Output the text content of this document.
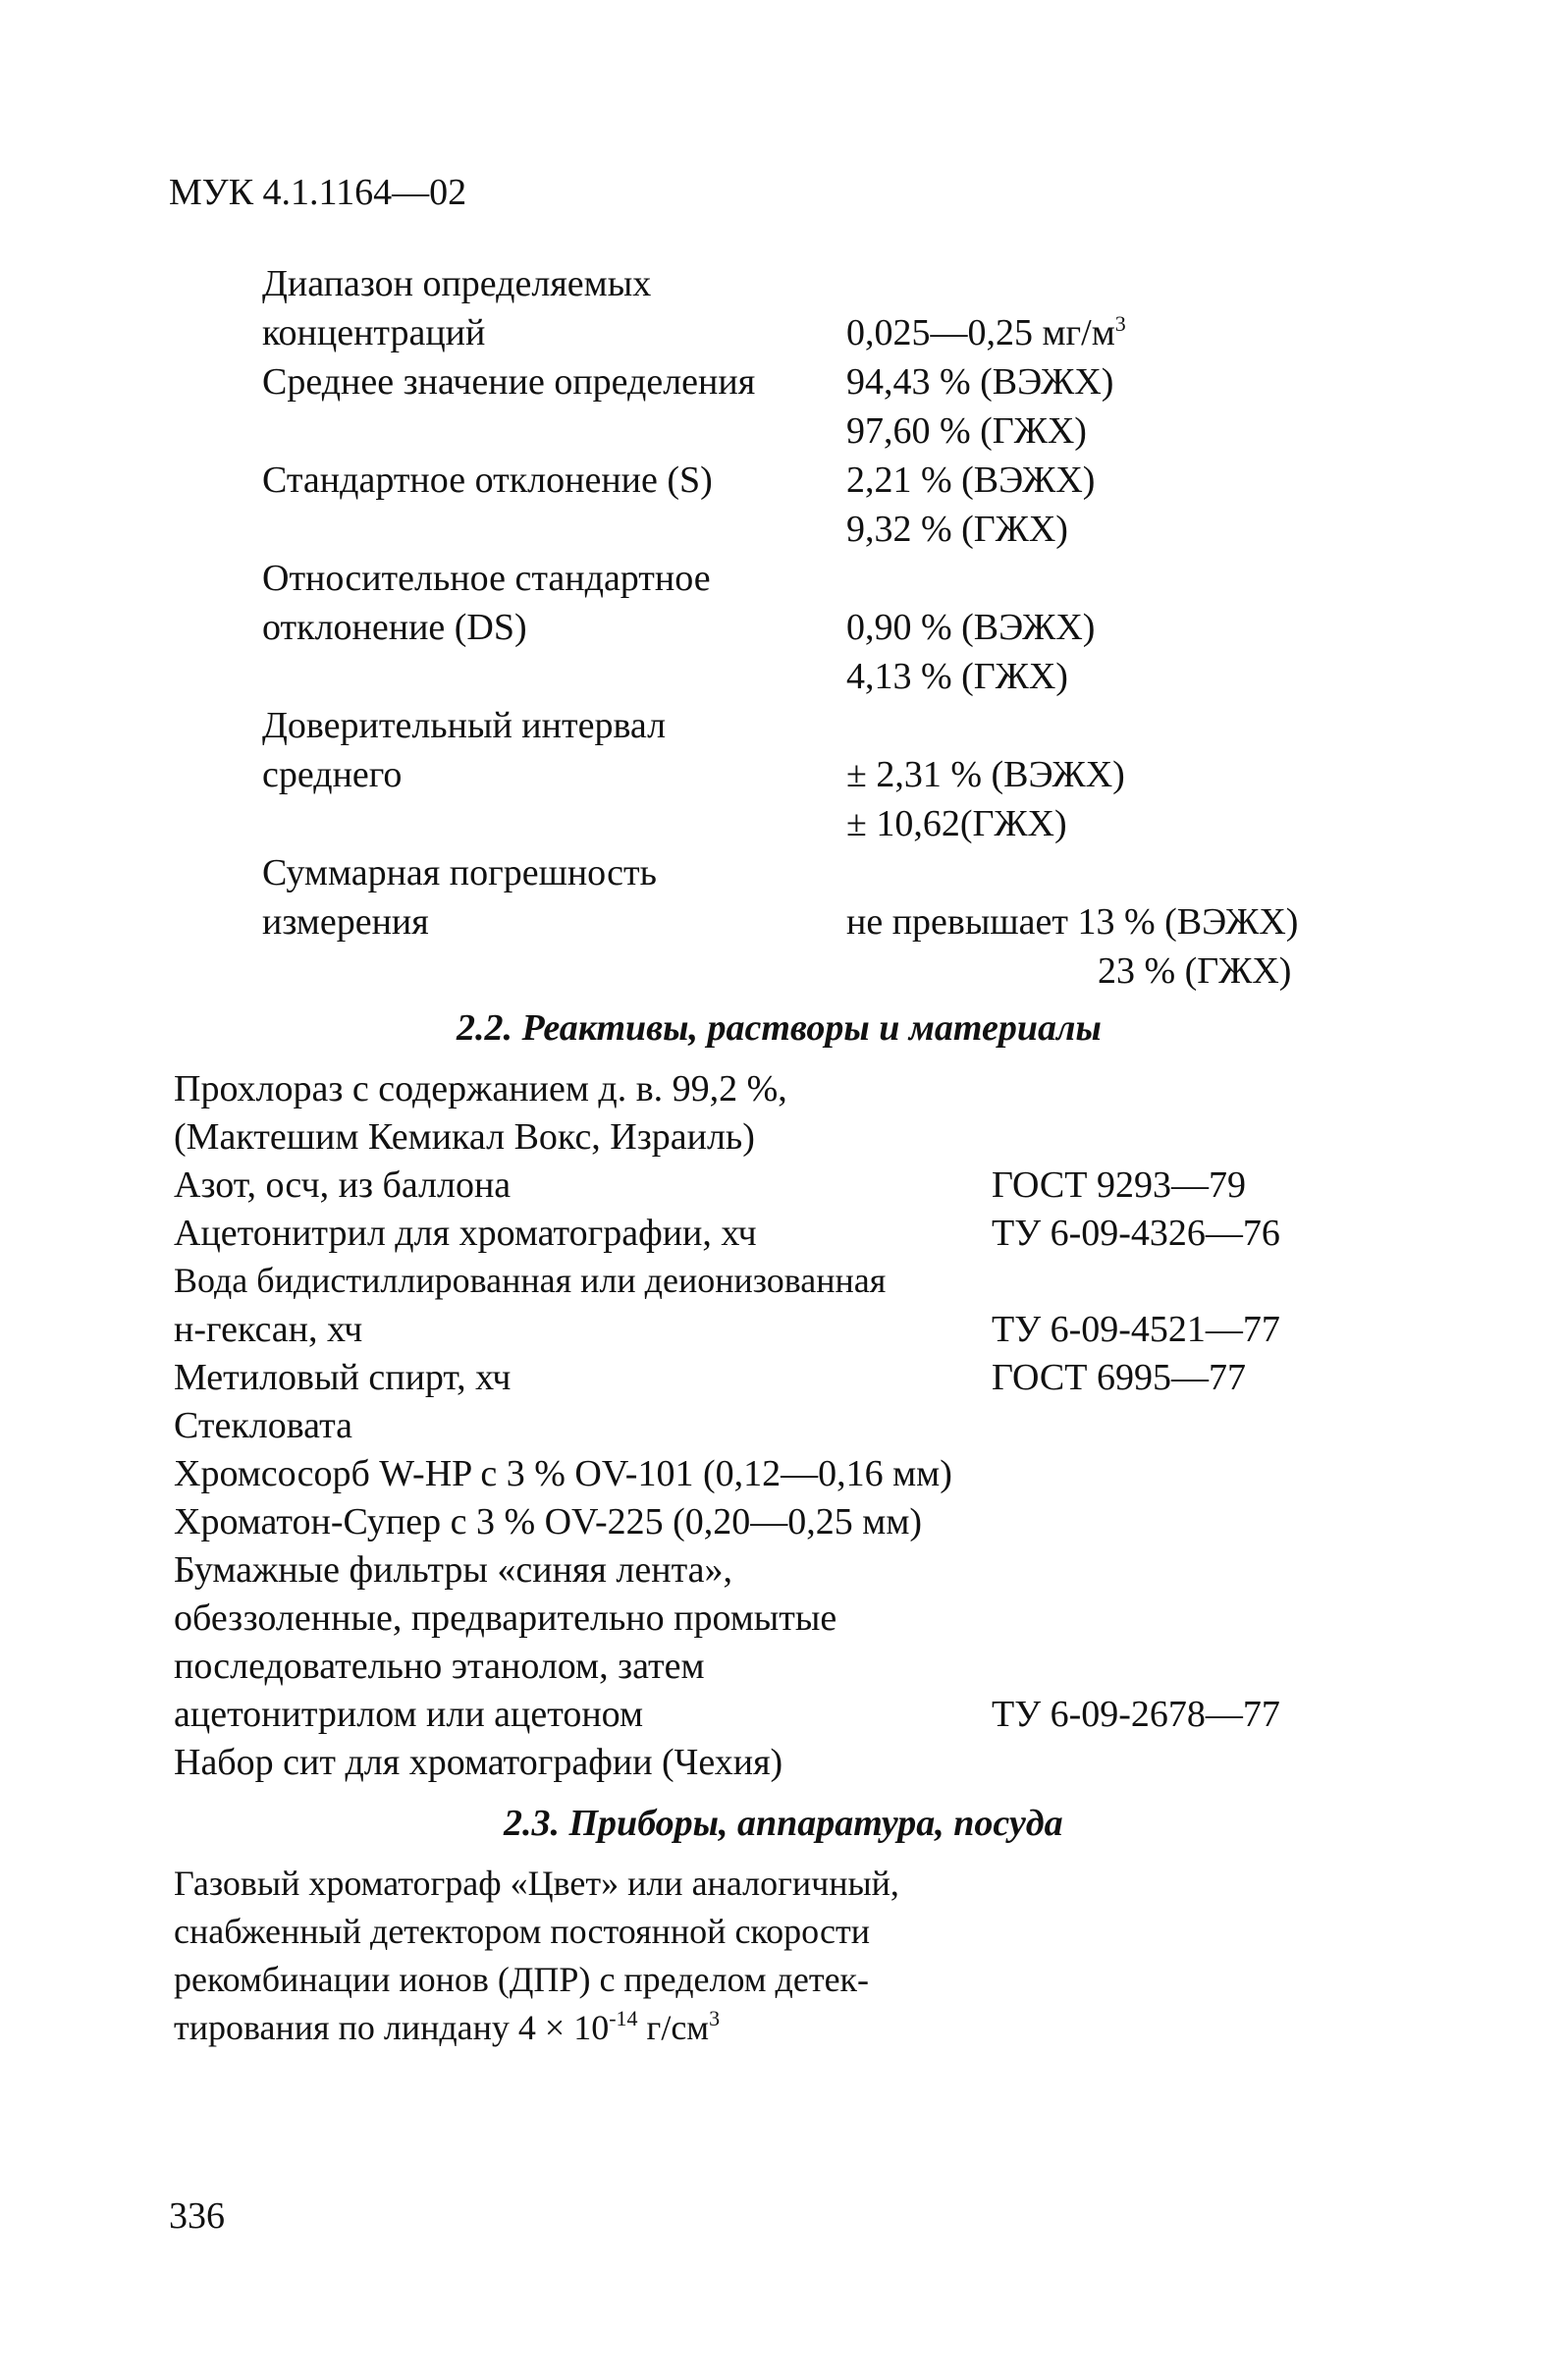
МУК 4.1.1164—02
Диапазон определяемых
концентраций	0,025—0,25 $мг/м^3$
Среднее значение определения 94,43 % (ВЭЖХ)
97,60 % (ГЖХ)
Стандартное отклонение (S)	2,21 % (ВЭЖХ)
9,32 % (ГЖХ)
Относительное стандартное
отклонение (DS)	0,90 % (ВЭЖХ)
4,13 % (ГЖХ)
Доверительный интервал
среднего	± 2,31 % (ВЭЖХ)
± 10,62(ГЖХ)
Суммарная погрешность
измерения	не превышает 13 % (ВЭЖХ)
23 % (ГЖХ)
2.2. Реактивы, растворы и материалы
Прохлораз с содержанием д. в. 99,2 %,
(Мактешим Кемикал Вокс, Израиль)
Азот, осч, из баллона	ГОСТ 9293—79
Ацетонитрил для хроматографии, хч	ТУ 6-09-4326—76
Вода бидистиллированная или деионизованная
н-гексан, хч	ТУ 6-09-4521—77
Метиловый спирт, хч	ГОСТ 6995—77
Стекловата
Хромсосорб W-HP с 3 % OV-101 (0,12—0,16 мм)
Хроматон-Супер с 3 % OV-225 (0,20—0,25 мм)
Бумажные фильтры «синяя лента»,
обеззоленные, предварительно промытые
последовательно этанолом, затем
ацетонитрилом или ацетоном	ТУ 6-09-2678—77
Набор сит для хроматографии (Чехия)
2.3. Приборы, аппаратура, посуда
Газовый хроматограф «Цвет» или аналогичный,
снабженный детектором постоянной скорости
рекомбинации ионов (ДПР) с пределом детек-
тирования по линдану $4 \times 10^{-14}$ $г/см^3$
336
